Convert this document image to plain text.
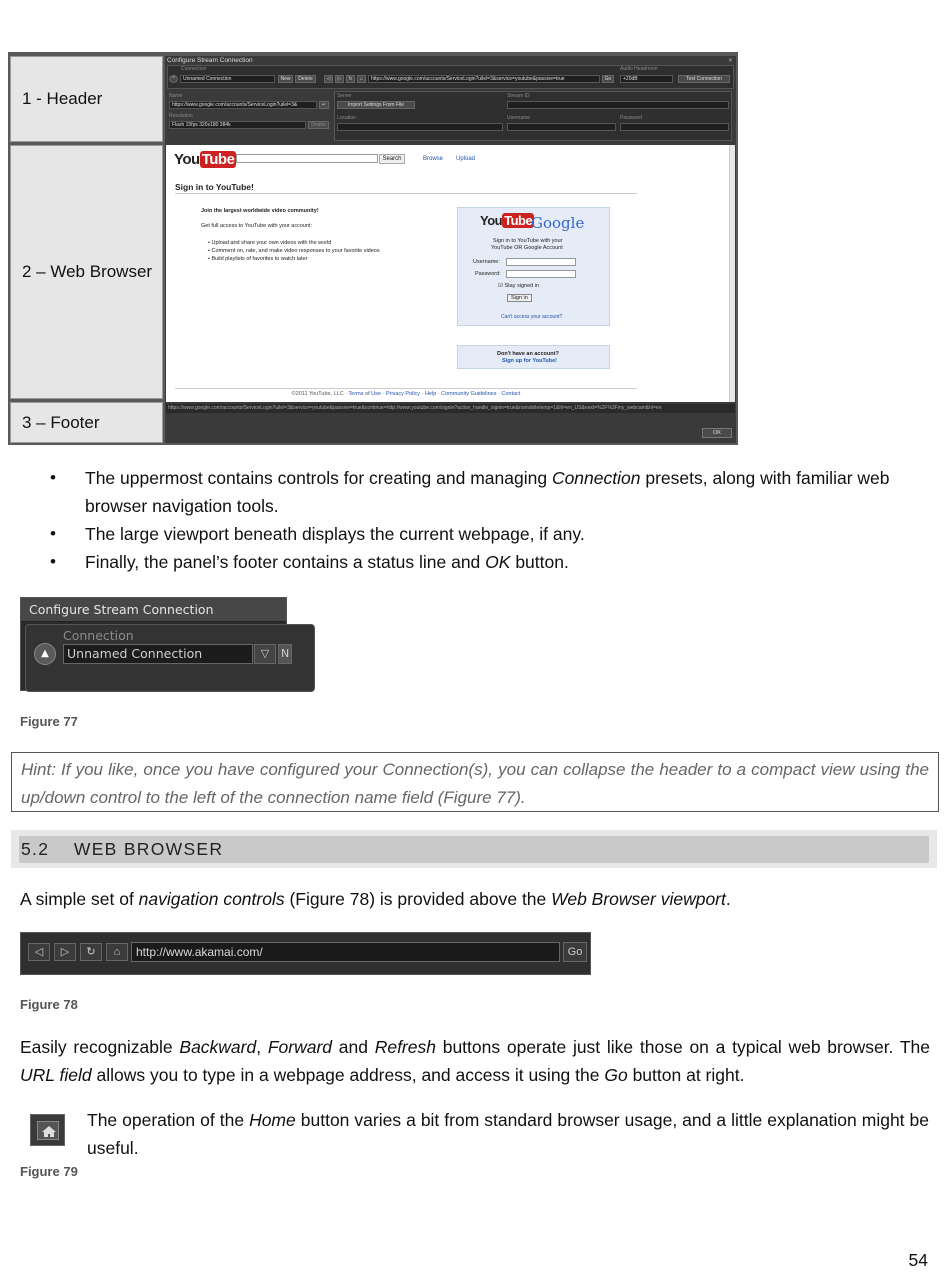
1 - Header
2 – Web Browser
3 – Footer
Configure Stream Connection	✕
Connection
^	Unnamed Connection	New	Delete	◁	▷	↻	⌂	https://www.google.com/accounts/ServiceLogin?uilel=3&service=youtube&passive=true	Go
Audio Headroom
+20dB	Test Connection
Name
https://www.google.com/accounts/ServiceLogin?uilel=3&	↵
Resolution
Flash 15fps 320x180 384k	Delete
Server
Import Settings From File
Stream ID
Location	Username	Password
You Tube	Search	Browse Upload
Sign in to YouTube!
Join the largest worldwide video community!
Get full access to YouTube with your account:
• Upload and share your own videos with the world
• Comment on, rate, and make video responses to your favorite videos
• Build playlists of favorites to watch later
You Tube
Google
Sign in to YouTube with your
YouTube OR Google Account
Username:
Password:
☑ Stay signed in
Sign in
Can't access your account?
Don't have an account?
Sign up for YouTube!
©2011 YouTube, LLC · Terms of Use · Privacy Policy · Help · Community Guidelines · Contact
https://www.google.com/accounts/ServiceLogin?uilel=3&service=youtube&passive=true&continue=http://www.youtube.com/signin?action_handle_signin=true&nomobiletemp=1&hl=en_US&next=%2F%3Fmy_webcam&hl=en
OK
• The uppermost contains controls for creating and managing Connection presets, along with familiar web browser navigation tools.
• The large viewport beneath displays the current webpage, if any.
• Finally, the panel’s footer contains a status line and OK button.
Configure Stream Connection
Connection
▲	Unnamed Connection	▽	N
Figure 77
Hint: If you like, once you have configured your Connection(s), you can collapse the header to a compact view using the up/down control to the left of the connection name field (Figure 77).
5.2 WEB BROWSER
A simple set of navigation controls (Figure 78) is provided above the Web Browser viewport.
◁	▷	↻	⌂	http://www.akamai.com/	Go
Figure 78
Easily recognizable Backward, Forward and Refresh buttons operate just like those on a typical web browser. The URL field allows you to type in a webpage address, and access it using the Go button at right.
The operation of the Home button varies a bit from standard browser usage, and a little explanation might be useful.
Figure 79
54
